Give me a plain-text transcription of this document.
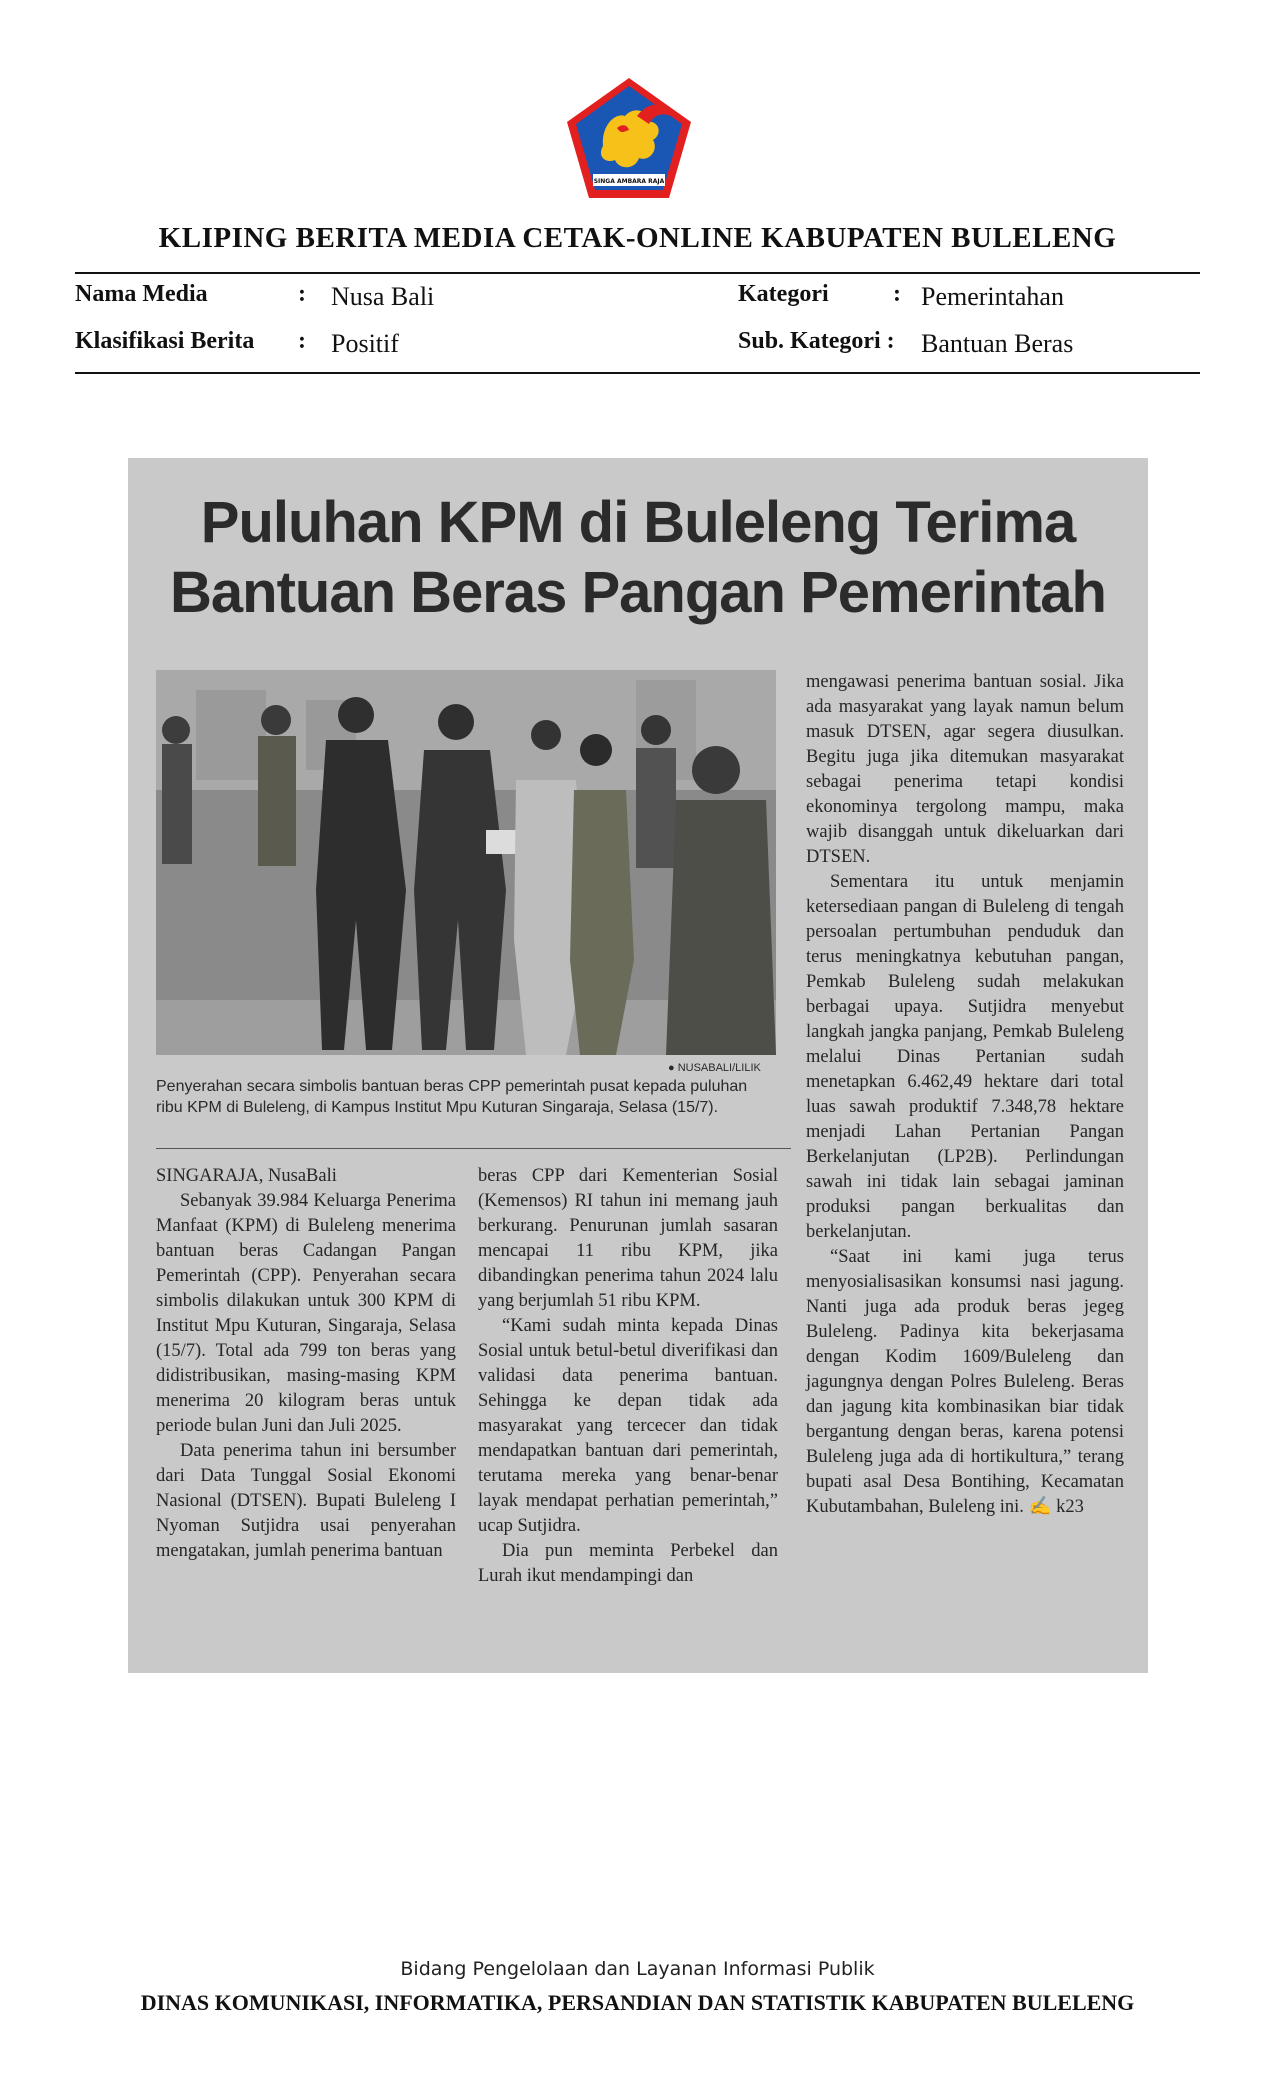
SINGA AMBARA RAJA
KLIPING BERITA MEDIA CETAK-ONLINE KABUPATEN BULELENG
Nama Media	: Nusa Bali
Klasifikasi Berita : Positif
Kategori	: Pemerintahan
Sub. Kategori : Bantuan Beras
Puluhan KPM di Buleleng Terima
Bantuan Beras Pangan Pemerintah
● NUSABALI/LILIK
Penyerahan secara simbolis bantuan beras CPP pemerintah pusat kepada puluhan ribu KPM di Buleleng, di Kampus Institut Mpu Kuturan Singaraja, Selasa (15/7).

SINGARAJA, NusaBali

Sebanyak 39.984 Keluarga Penerima Manfaat (KPM) di Buleleng menerima bantuan beras Cadangan Pangan Pemerintah (CPP). Penyerahan secara simbolis dilakukan untuk 300 KPM di Institut Mpu Kuturan, Singaraja, Selasa (15/7). Total ada 799 ton beras yang didistribusikan, masing-masing KPM menerima 20 kilogram beras untuk periode bulan Juni dan Juli 2025.

Data penerima tahun ini bersumber dari Data Tunggal Sosial Ekonomi Nasional (DTSEN). Bupati Buleleng I Nyoman Sutjidra usai penyerahan mengatakan, jumlah penerima bantuan

beras CPP dari Kementerian Sosial (Kemensos) RI tahun ini memang jauh berkurang. Penurunan jumlah sasaran mencapai 11 ribu KPM, jika dibandingkan penerima tahun 2024 lalu yang berjumlah 51 ribu KPM.

“Kami sudah minta kepada Dinas Sosial untuk betul-betul diverifikasi dan validasi data penerima bantuan. Sehingga ke depan tidak ada masyarakat yang tercecer dan tidak mendapatkan bantuan dari pemerintah, terutama mereka yang benar-benar layak mendapat perhatian pemerintah,” ucap Sutjidra.

Dia pun meminta Perbekel dan Lurah ikut mendampingi dan

mengawasi penerima bantuan sosial. Jika ada masyarakat yang layak namun belum masuk DTSEN, agar segera diusulkan. Begitu juga jika ditemukan masyarakat sebagai penerima tetapi kondisi ekonominya tergolong mampu, maka wajib disanggah untuk dikeluarkan dari DTSEN.

Sementara itu untuk menjamin ketersediaan pangan di Buleleng di tengah persoalan pertumbuhan penduduk dan terus meningkatnya kebutuhan pangan, Pemkab Buleleng sudah melakukan berbagai upaya. Sutjidra menyebut langkah jangka panjang, Pemkab Buleleng melalui Dinas Pertanian sudah menetapkan 6.462,49 hektare dari total luas sawah produktif 7.348,78 hektare menjadi Lahan Pertanian Pangan Berkelanjutan (LP2B). Perlindungan sawah ini tidak lain sebagai jaminan produksi pangan berkualitas dan berkelanjutan.

“Saat ini kami juga terus menyosialisasikan konsumsi nasi jagung. Nanti juga ada produk beras jegeg Buleleng. Padinya kita bekerjasama dengan Kodim 1609/Buleleng dan jagungnya dengan Polres Buleleng. Beras dan jagung kita kombinasikan biar tidak bergantung dengan beras, karena potensi Buleleng juga ada di hortikultura,” terang bupati asal Desa Bontihing, Kecamatan Kubutambahan, Buleleng ini. ✍ k23

Bidang Pengelolaan dan Layanan Informasi Publik
DINAS KOMUNIKASI, INFORMATIKA, PERSANDIAN DAN STATISTIK KABUPATEN BULELENG
